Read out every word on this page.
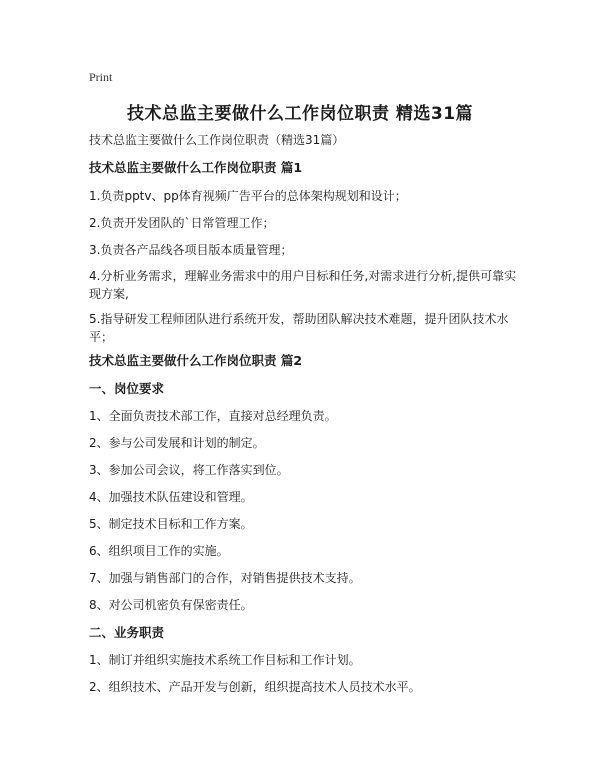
Print
技术总监主要做什么工作岗位职责 精选31篇
技术总监主要做什么工作岗位职责（精选31篇）
技术总监主要做什么工作岗位职责 篇1
1.负责pptv、pp体育视频广告平台的总体架构规划和设计；
2.负责开发团队的`日常管理工作；
3.负责各产品线各项目版本质量管理；
4.分析业务需求，理解业务需求中的用户目标和任务,对需求进行分析,提供可靠实现方案,
5.指导研发工程师团队进行系统开发，帮助团队解决技术难题，提升团队技术水平；
技术总监主要做什么工作岗位职责 篇2
一、岗位要求
1、全面负责技术部工作，直接对总经理负责。
2、参与公司发展和计划的制定。
3、参加公司会议，将工作落实到位。
4、加强技术队伍建设和管理。
5、制定技术目标和工作方案。
6、组织项目工作的实施。
7、加强与销售部门的合作，对销售提供技术支持。
8、对公司机密负有保密责任。
二、业务职责
1、制订并组织实施技术系统工作目标和工作计划。
2、组织技术、产品开发与创新，组织提高技术人员技术水平。
